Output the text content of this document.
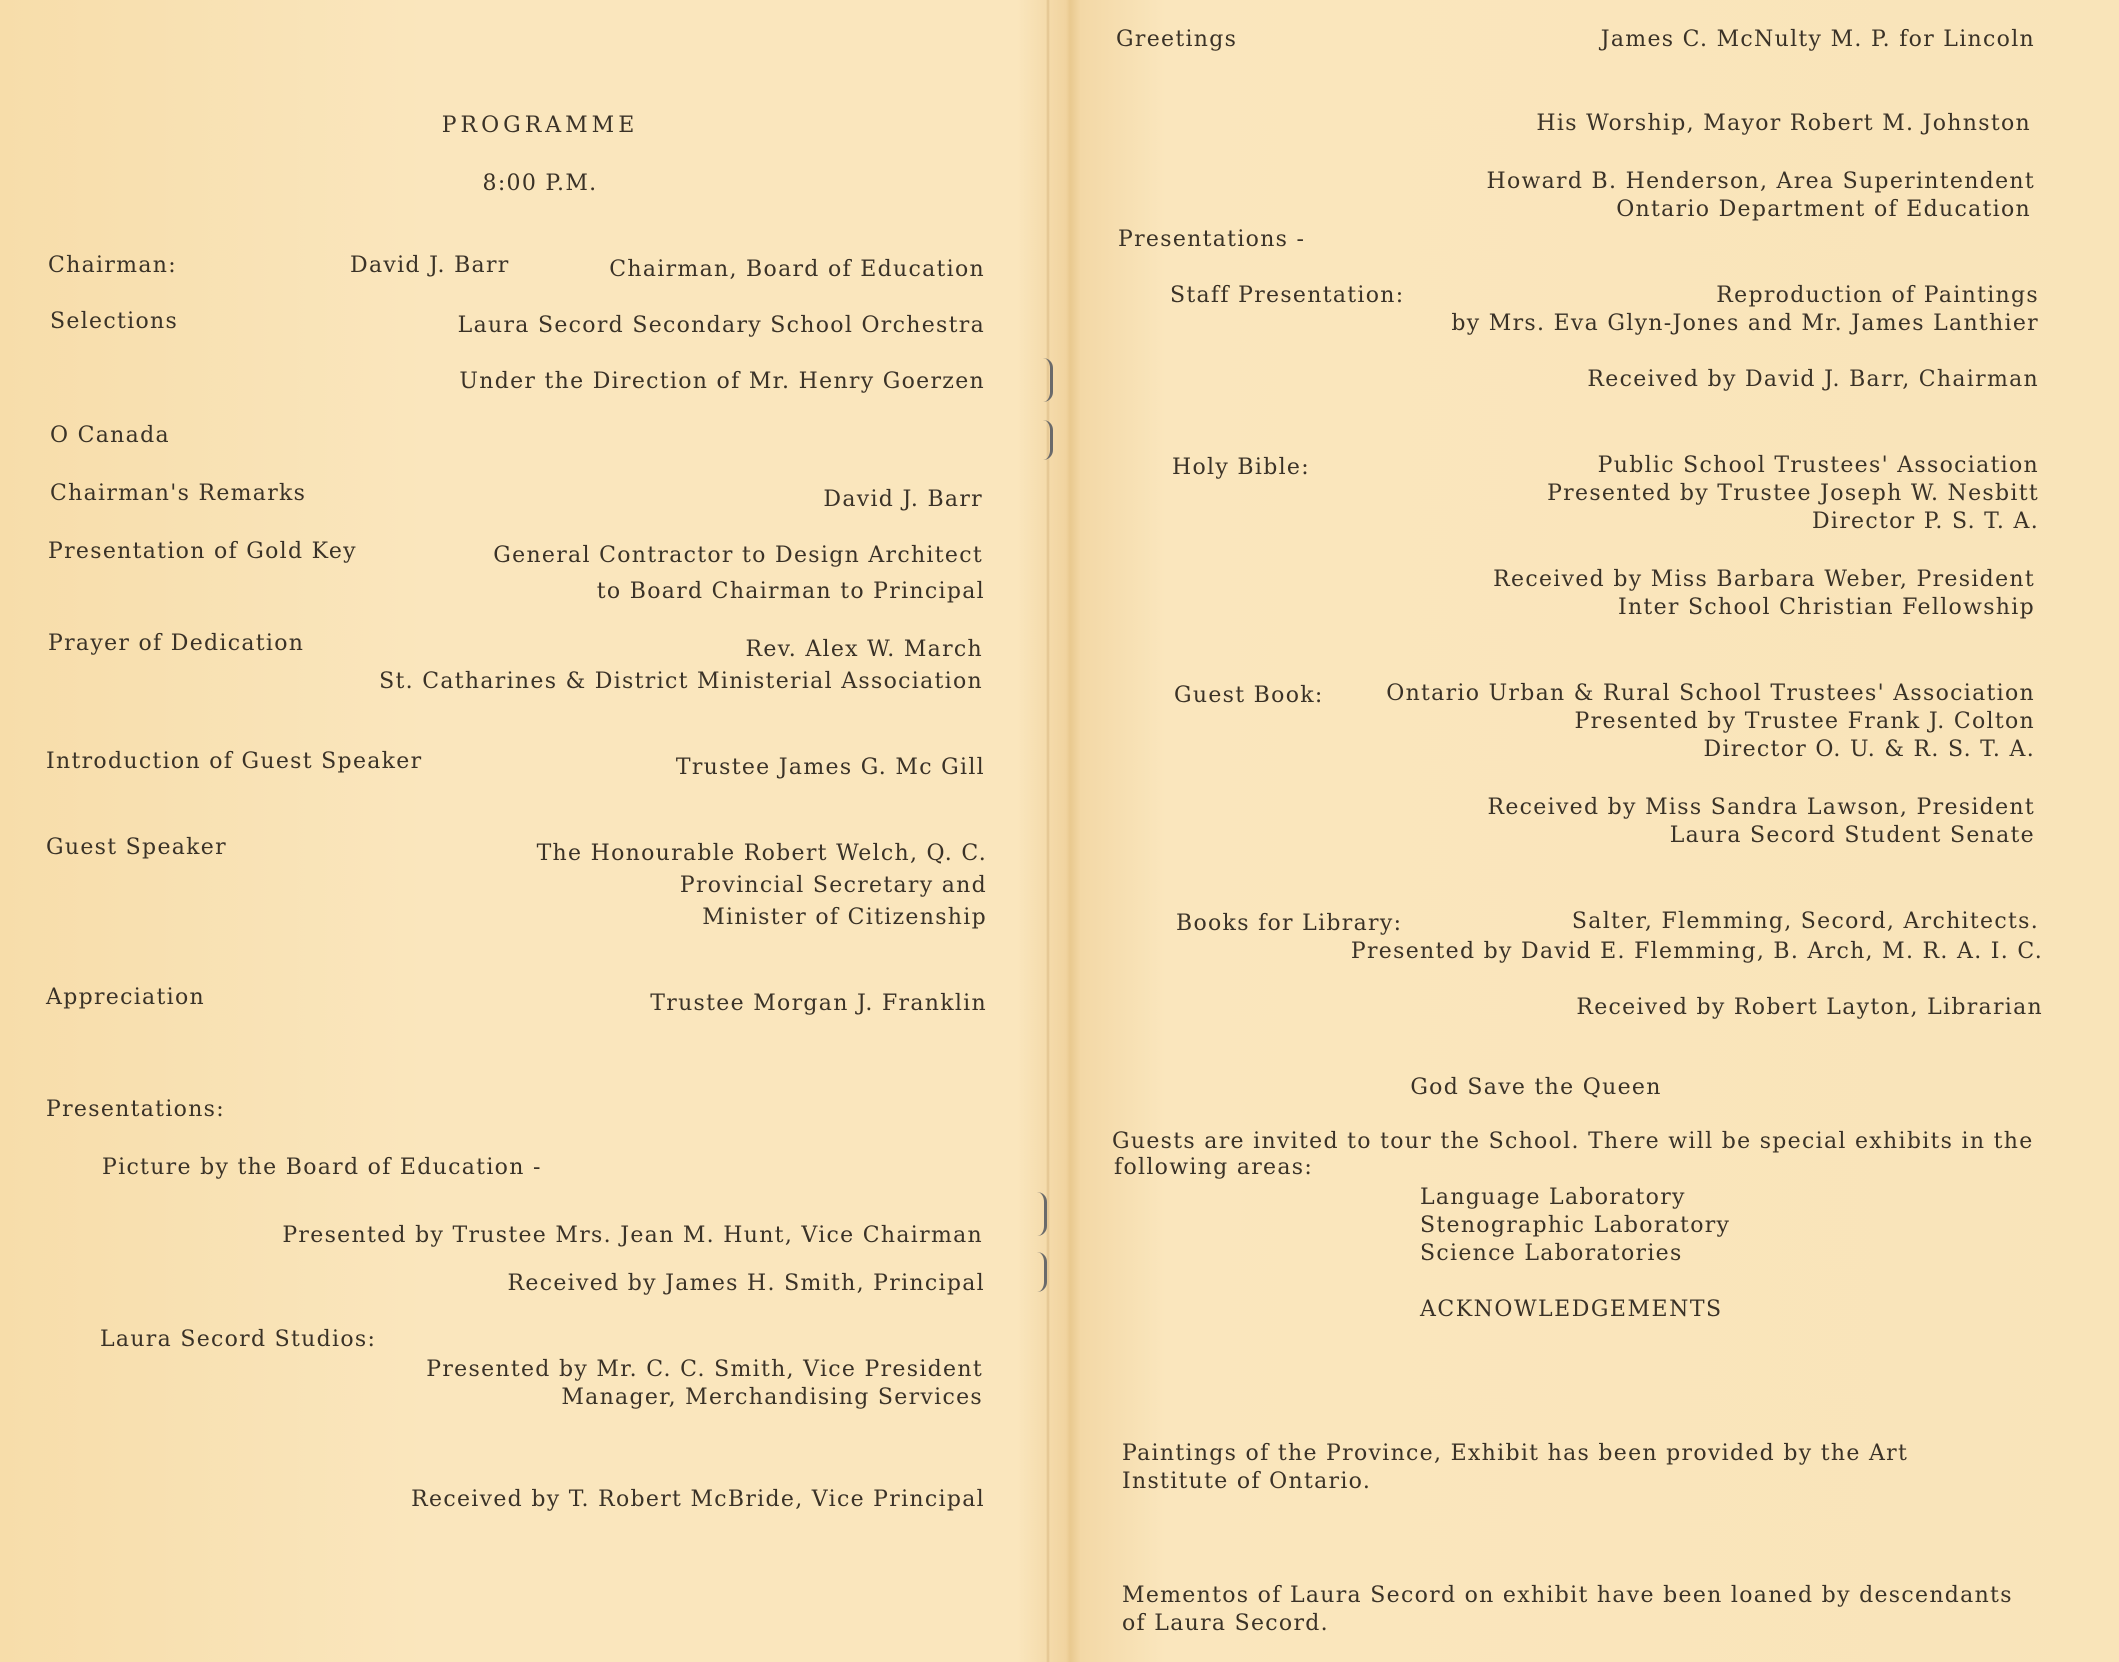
PROGRAMME
8:00 P.M.
Chairman:	David J. Barr	Chairman, Board of Education
Selections	Laura Secord Secondary School Orchestra
Under the Direction of Mr. Henry Goerzen
O Canada
Chairman's Remarks	David J. Barr
Presentation of Gold Key	General Contractor to Design Architect
to Board Chairman to Principal
Prayer of Dedication	Rev. Alex W. March
St. Catharines & District Ministerial Association
Introduction of Guest Speaker	Trustee James G. Mc Gill
Guest Speaker	The Honourable Robert Welch, Q. C.
Provincial Secretary and
Minister of Citizenship
Appreciation	Trustee Morgan J. Franklin
Presentations:
Picture by the Board of Education -
Presented by Trustee Mrs. Jean M. Hunt, Vice Chairman
Received by James H. Smith, Principal
Laura Secord Studios:
Presented by Mr. C. C. Smith, Vice President
Manager, Merchandising Services
Received by T. Robert McBride, Vice Principal
Greetings	James C. McNulty M. P. for Lincoln
His Worship, Mayor Robert M. Johnston
Howard B. Henderson, Area Superintendent
Ontario Department of Education
Presentations -
Staff Presentation:	Reproduction of Paintings
by Mrs. Eva Glyn-Jones and Mr. James Lanthier
Received by David J. Barr, Chairman
Holy Bible:	Public School Trustees' Association
Presented by Trustee Joseph W. Nesbitt
Director P. S. T. A.
Received by Miss Barbara Weber, President
Inter School Christian Fellowship
Guest Book:	Ontario Urban & Rural School Trustees' Association
Presented by Trustee Frank J. Colton
Director O. U. & R. S. T. A.
Received by Miss Sandra Lawson, President
Laura Secord Student Senate
Books for Library:	Salter, Flemming, Secord, Architects.
Presented by David E. Flemming, B. Arch, M. R. A. I. C.
Received by Robert Layton, Librarian
God Save the Queen
Guests are invited to tour the School. There will be special exhibits in the
following areas:
Language Laboratory
Stenographic Laboratory
Science Laboratories
ACKNOWLEDGEMENTS
Paintings of the Province, Exhibit has been provided by the Art
Institute of Ontario.
Mementos of Laura Secord on exhibit have been loaned by descendants
of Laura Secord.
